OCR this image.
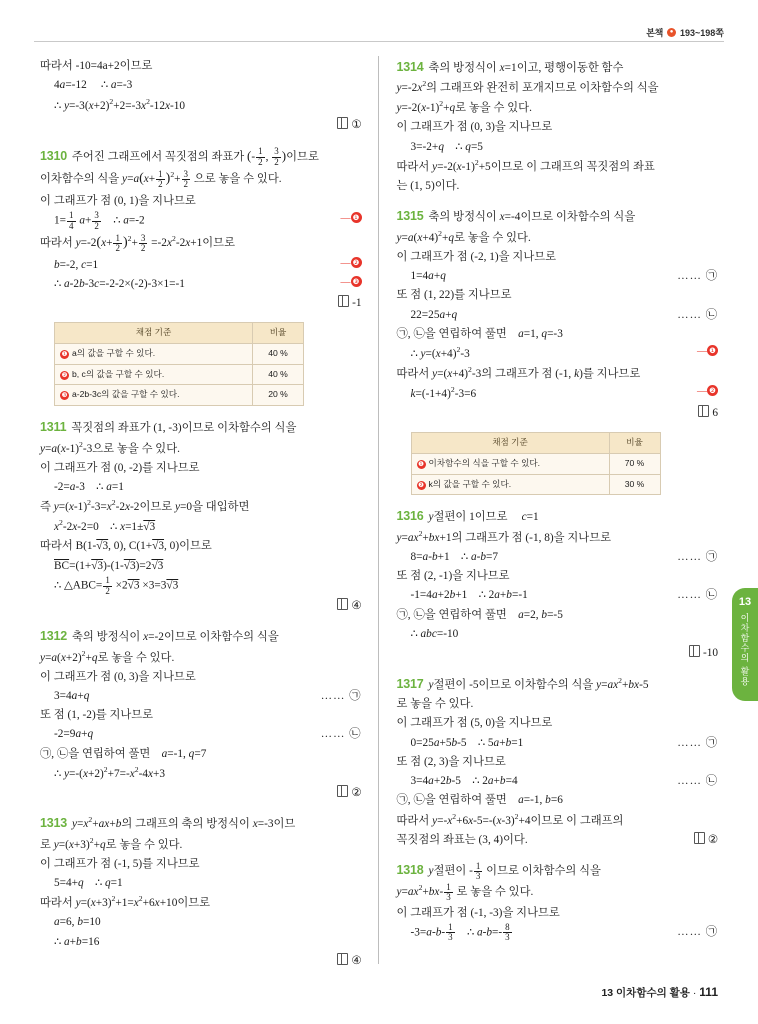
본책	● 193~198쪽
따라서 -10=4a+2이므로
4a=-12     ∴ a=-3
∴ $y=-3(x+2)^2+2=-3x^2-12x-10$
①
1310 주어진 그래프에서 꼭짓점의 좌표가 (- $\frac{1}{2}$ , $\frac{3}{2}$ )이므로
이차함수의 식을 $y=a(x+ \frac{1}{2} )^2+ \frac{3}{2}$ 으로 놓을 수 있다.
이 그래프가 점 (0, 1)을 지나므로
— ❶
$1= \frac{1}{4} a+ \frac{3}{2}$ ∴ a=-2
따라서 $y=-2(x+ \frac{1}{2} )^2+ \frac{3}{2} =-2x^2-2x+1$이므로
— ❷
b=-2, c=1
— ❸
∴ a-2b-3c=-2-2×(-2)-3×1=-1
-1
채점 기준	비율
❶ a의 값을 구할 수 있다.	40 %
❷ b, c의 값을 구할 수 있다.	40 %
❸ a-2b-3c의 값을 구할 수 있다.	20 %
1311 꼭짓점의 좌표가 (1, -3)이므로 이차함수의 식을
$y=a(x-1)^2-3$으로 놓을 수 있다.
이 그래프가 점 (0, -2)를 지나므로
-2=a-3    ∴ a=1
즉 $y=(x-1)^2-3=x^2-2x-2$이므로 y=0을 대입하면
$x^2-2x-2=0$    ∴ x=1±√3
따라서 B(1-√3, 0), C(1+√3, 0)이므로
$\overline{BC}=(1+√3)-(1-√3)=2√3$
∴ △ABC= $\frac{1}{2} \times 2√3 \times 3=3√3$
④
1312 축의 방정식이 x=-2이므로 이차함수의 식을
$y=a(x+2)^2+q$로 놓을 수 있다.
이 그래프가 점 (0, 3)을 지나므로
…… ㉠
3=4a+q
또 점 (1, -2)를 지나므로
…… ㉡
-2=9a+q
㉠, ㉡을 연립하여 풀면    a=-1, q=7
∴ $y=-(x+2)^2+7=-x^2-4x+3$
②
1313 $y=x^2+ax+b$의 그래프의 축의 방정식이 x=-3이므
로 $y=(x+3)^2+q$로 놓을 수 있다.
이 그래프가 점 (-1, 5)를 지나므로
5=4+q    ∴ q=1
따라서 $y=(x+3)^2+1=x^2+6x+10$이므로
a=6, b=10
∴ a+b=16
④
1314 축의 방정식이 x=1이고, 평행이동한 함수
$y=-2x^2$의 그래프와 완전히 포개지므로 이차함수의 식을
$y=-2(x-1)^2+q$로 놓을 수 있다.
이 그래프가 점 (0, 3)을 지나므로
3=-2+q    ∴ q=5
따라서 $y=-2(x-1)^2+5$이므로 이 그래프의 꼭짓점의 좌표
는 (1, 5)이다.
1315 축의 방정식이 x=-4이므로 이차함수의 식을
$y=a(x+4)^2+q$로 놓을 수 있다.
이 그래프가 점 (-2, 1)을 지나므로
…… ㉠
1=4a+q
또 점 (1, 22)를 지나므로
…… ㉡
22=25a+q
㉠, ㉡을 연립하여 풀면    a=1, q=-3
— ❶
∴ $y=(x+4)^2-3$
따라서 $y=(x+4)^2-3$의 그래프가 점 (-1, k)를 지나므로
— ❷
$k=(-1+4)^2-3=6$
6
채점 기준	비율
❶ 이차함수의 식을 구할 수 있다.	70 %
❷ k의 값을 구할 수 있다.	30 %
1316 y절편이 1이므로     c=1
$y=ax^2+bx+1$의 그래프가 점 (-1, 8)을 지나므로
…… ㉠
8=a-b+1    ∴ a-b=7
또 점 (2, -1)을 지나므로
…… ㉡
-1=4a+2b+1    ∴ 2a+b=-1
㉠, ㉡을 연립하여 풀면    a=2, b=-5
∴ abc=-10
-10
1317 y절편이 -5이므로 이차함수의 식을 $y=ax^2+bx-5$
로 놓을 수 있다.
이 그래프가 점 (5, 0)을 지나므로
…… ㉠
0=25a+5b-5    ∴ 5a+b=1
또 점 (2, 3)을 지나므로
…… ㉡
3=4a+2b-5    ∴ 2a+b=4
㉠, ㉡을 연립하여 풀면    a=-1, b=6
따라서 $y=-x^2+6x-5=-(x-3)^2+4$이므로 이 그래프의
②
꼭짓점의 좌표는 (3, 4)이다.
1318 y절편이 - $\frac{1}{3}$ 이므로 이차함수의 식을
$y=ax^2+bx- \frac{1}{3}$ 로 놓을 수 있다.
이 그래프가 점 (-1, -3)을 지나므로
…… ㉠
$-3=a-b- \frac{1}{3}$ ∴ $a-b=- \frac{8}{3}$
13
이차함수의 활용
13 이차함수의 활용 · 111
